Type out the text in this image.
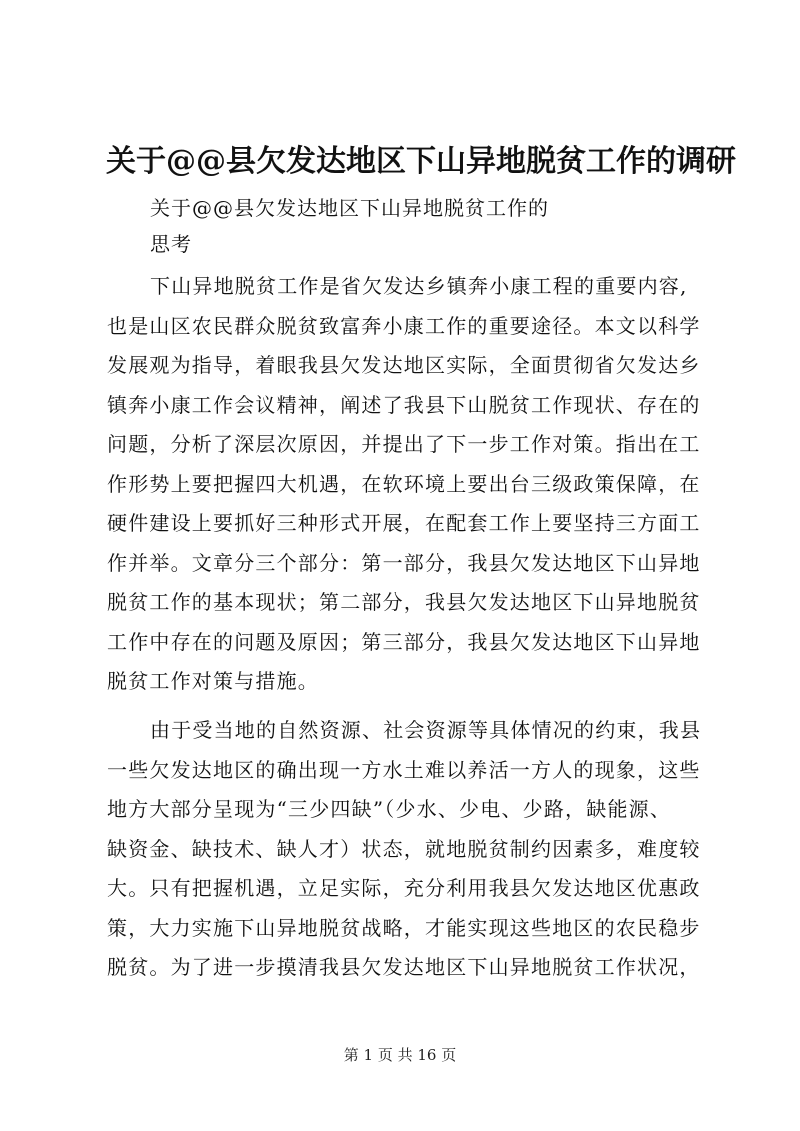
关于@@县欠发达地区下山异地脱贫工作的调研
关于@@县欠发达地区下山异地脱贫工作的
思考
下山异地脱贫工作是省欠发达乡镇奔小康工程的重要内容,
也是山区农民群众脱贫致富奔小康工作的重要途径。本文以科学
发展观为指导，着眼我县欠发达地区实际，全面贯彻省欠发达乡
镇奔小康工作会议精神，阐述了我县下山脱贫工作现状、存在的
问题，分析了深层次原因，并提出了下一步工作对策。指出在工
作形势上要把握四大机遇，在软环境上要出台三级政策保障，在
硬件建设上要抓好三种形式开展，在配套工作上要坚持三方面工
作并举。文章分三个部分：第一部分，我县欠发达地区下山异地
脱贫工作的基本现状；第二部分，我县欠发达地区下山异地脱贫
工作中存在的问题及原因；第三部分，我县欠发达地区下山异地
脱贫工作对策与措施。
由于受当地的自然资源、社会资源等具体情况的约束，我县
一些欠发达地区的确出现一方水土难以养活一方人的现象，这些
地方大部分呈现为“三少四缺”（少水、少电、少路，缺能源、
缺资金、缺技术、缺人才）状态，就地脱贫制约因素多，难度较
大。只有把握机遇，立足实际，充分利用我县欠发达地区优惠政
策，大力实施下山异地脱贫战略，才能实现这些地区的农民稳步
脱贫。为了进一步摸清我县欠发达地区下山异地脱贫工作状况，
第 1 页 共 16 页
